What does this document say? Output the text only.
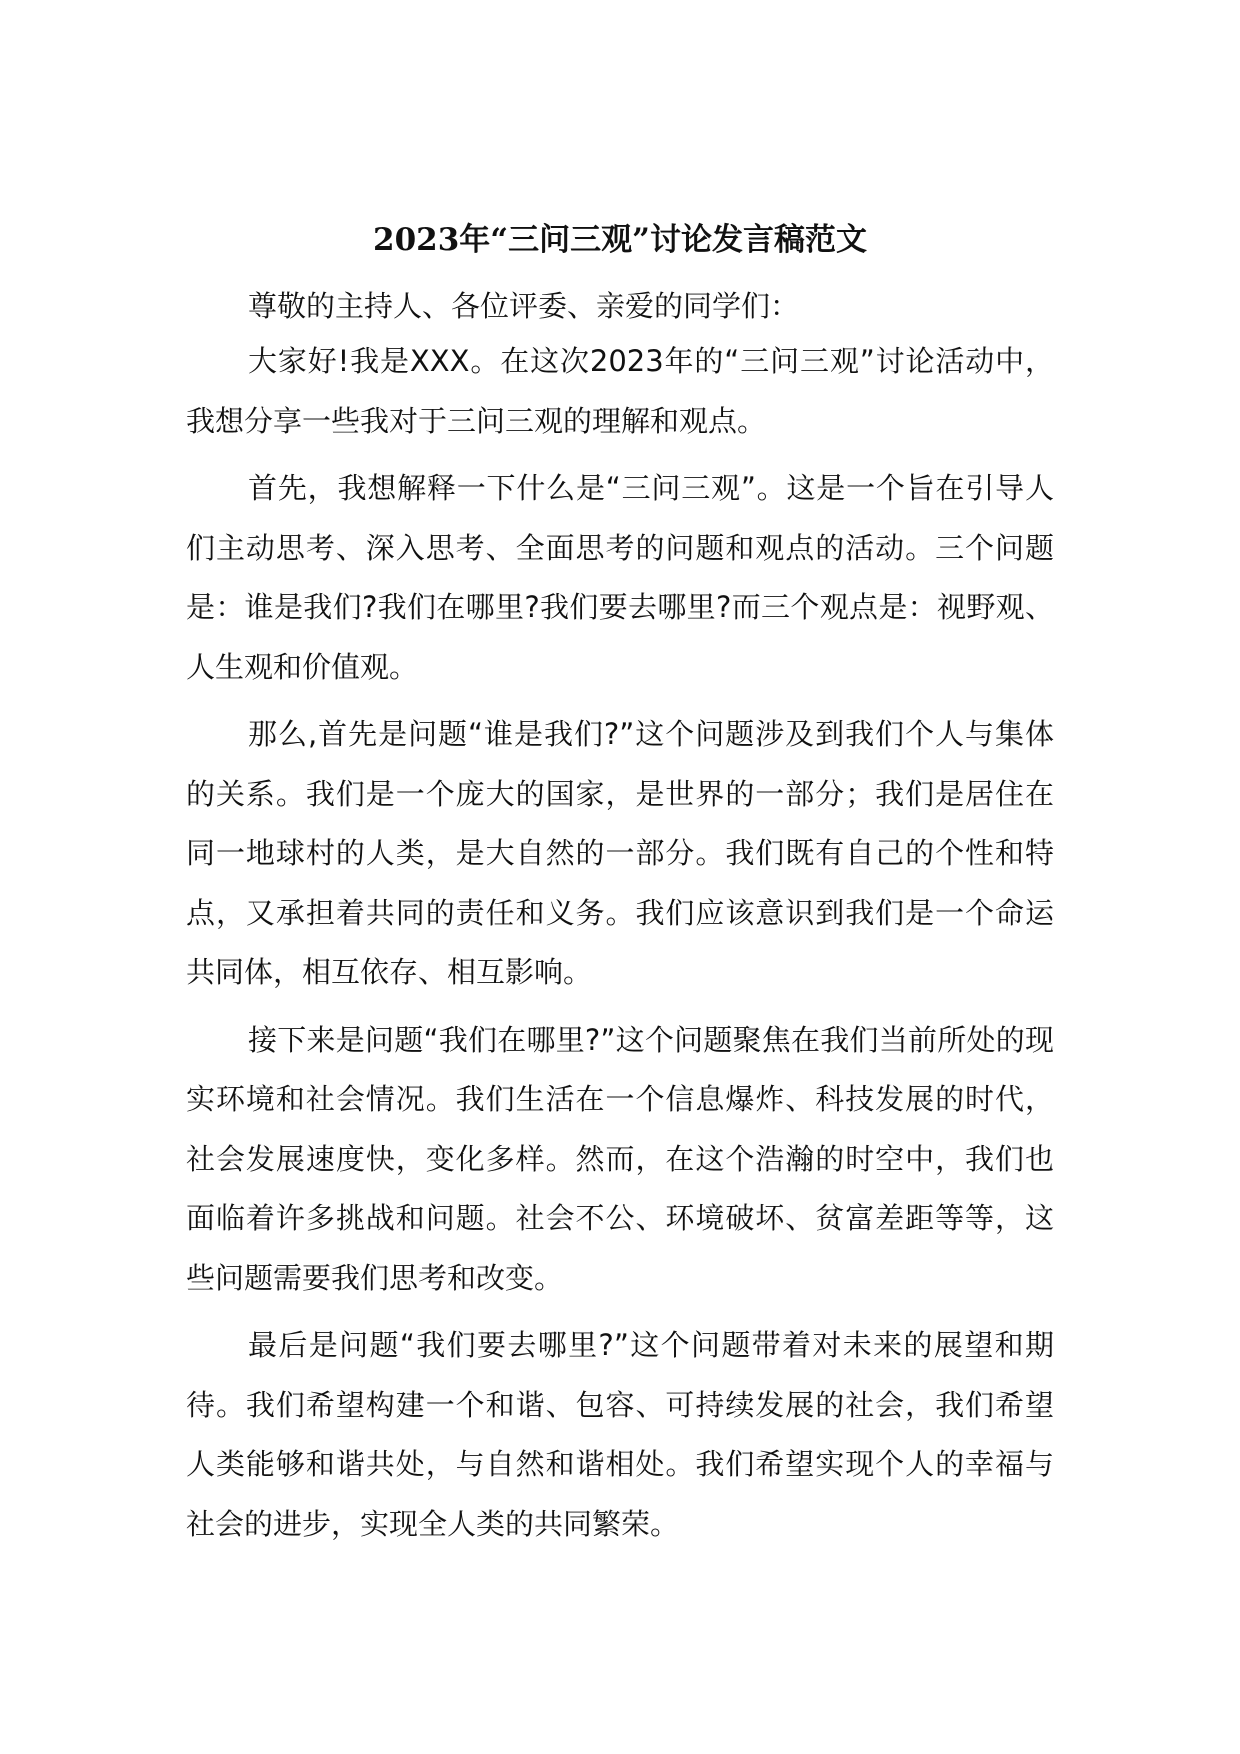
2023年“三问三观”讨论发言稿范文

尊敬的主持人、各位评委、亲爱的同学们：

大家好!我是XXX。在这次2023年的“三问三观”讨论活动中，我想分享一些我对于三问三观的理解和观点。

首先，我想解释一下什么是“三问三观”。这是一个旨在引导人们主动思考、深入思考、全面思考的问题和观点的活动。三个问题是：谁是我们?我们在哪里?我们要去哪里?而三个观点是：视野观、人生观和价值观。

那么,首先是问题“谁是我们?”这个问题涉及到我们个人与集体的关系。我们是一个庞大的国家，是世界的一部分；我们是居住在同一地球村的人类，是大自然的一部分。我们既有自己的个性和特点，又承担着共同的责任和义务。我们应该意识到我们是一个命运共同体，相互依存、相互影响。

接下来是问题“我们在哪里?”这个问题聚焦在我们当前所处的现实环境和社会情况。我们生活在一个信息爆炸、科技发展的时代，社会发展速度快，变化多样。然而，在这个浩瀚的时空中，我们也面临着许多挑战和问题。社会不公、环境破坏、贫富差距等等，这些问题需要我们思考和改变。

最后是问题“我们要去哪里?”这个问题带着对未来的展望和期待。我们希望构建一个和谐、包容、可持续发展的社会，我们希望人类能够和谐共处，与自然和谐相处。我们希望实现个人的幸福与社会的进步，实现全人类的共同繁荣。
